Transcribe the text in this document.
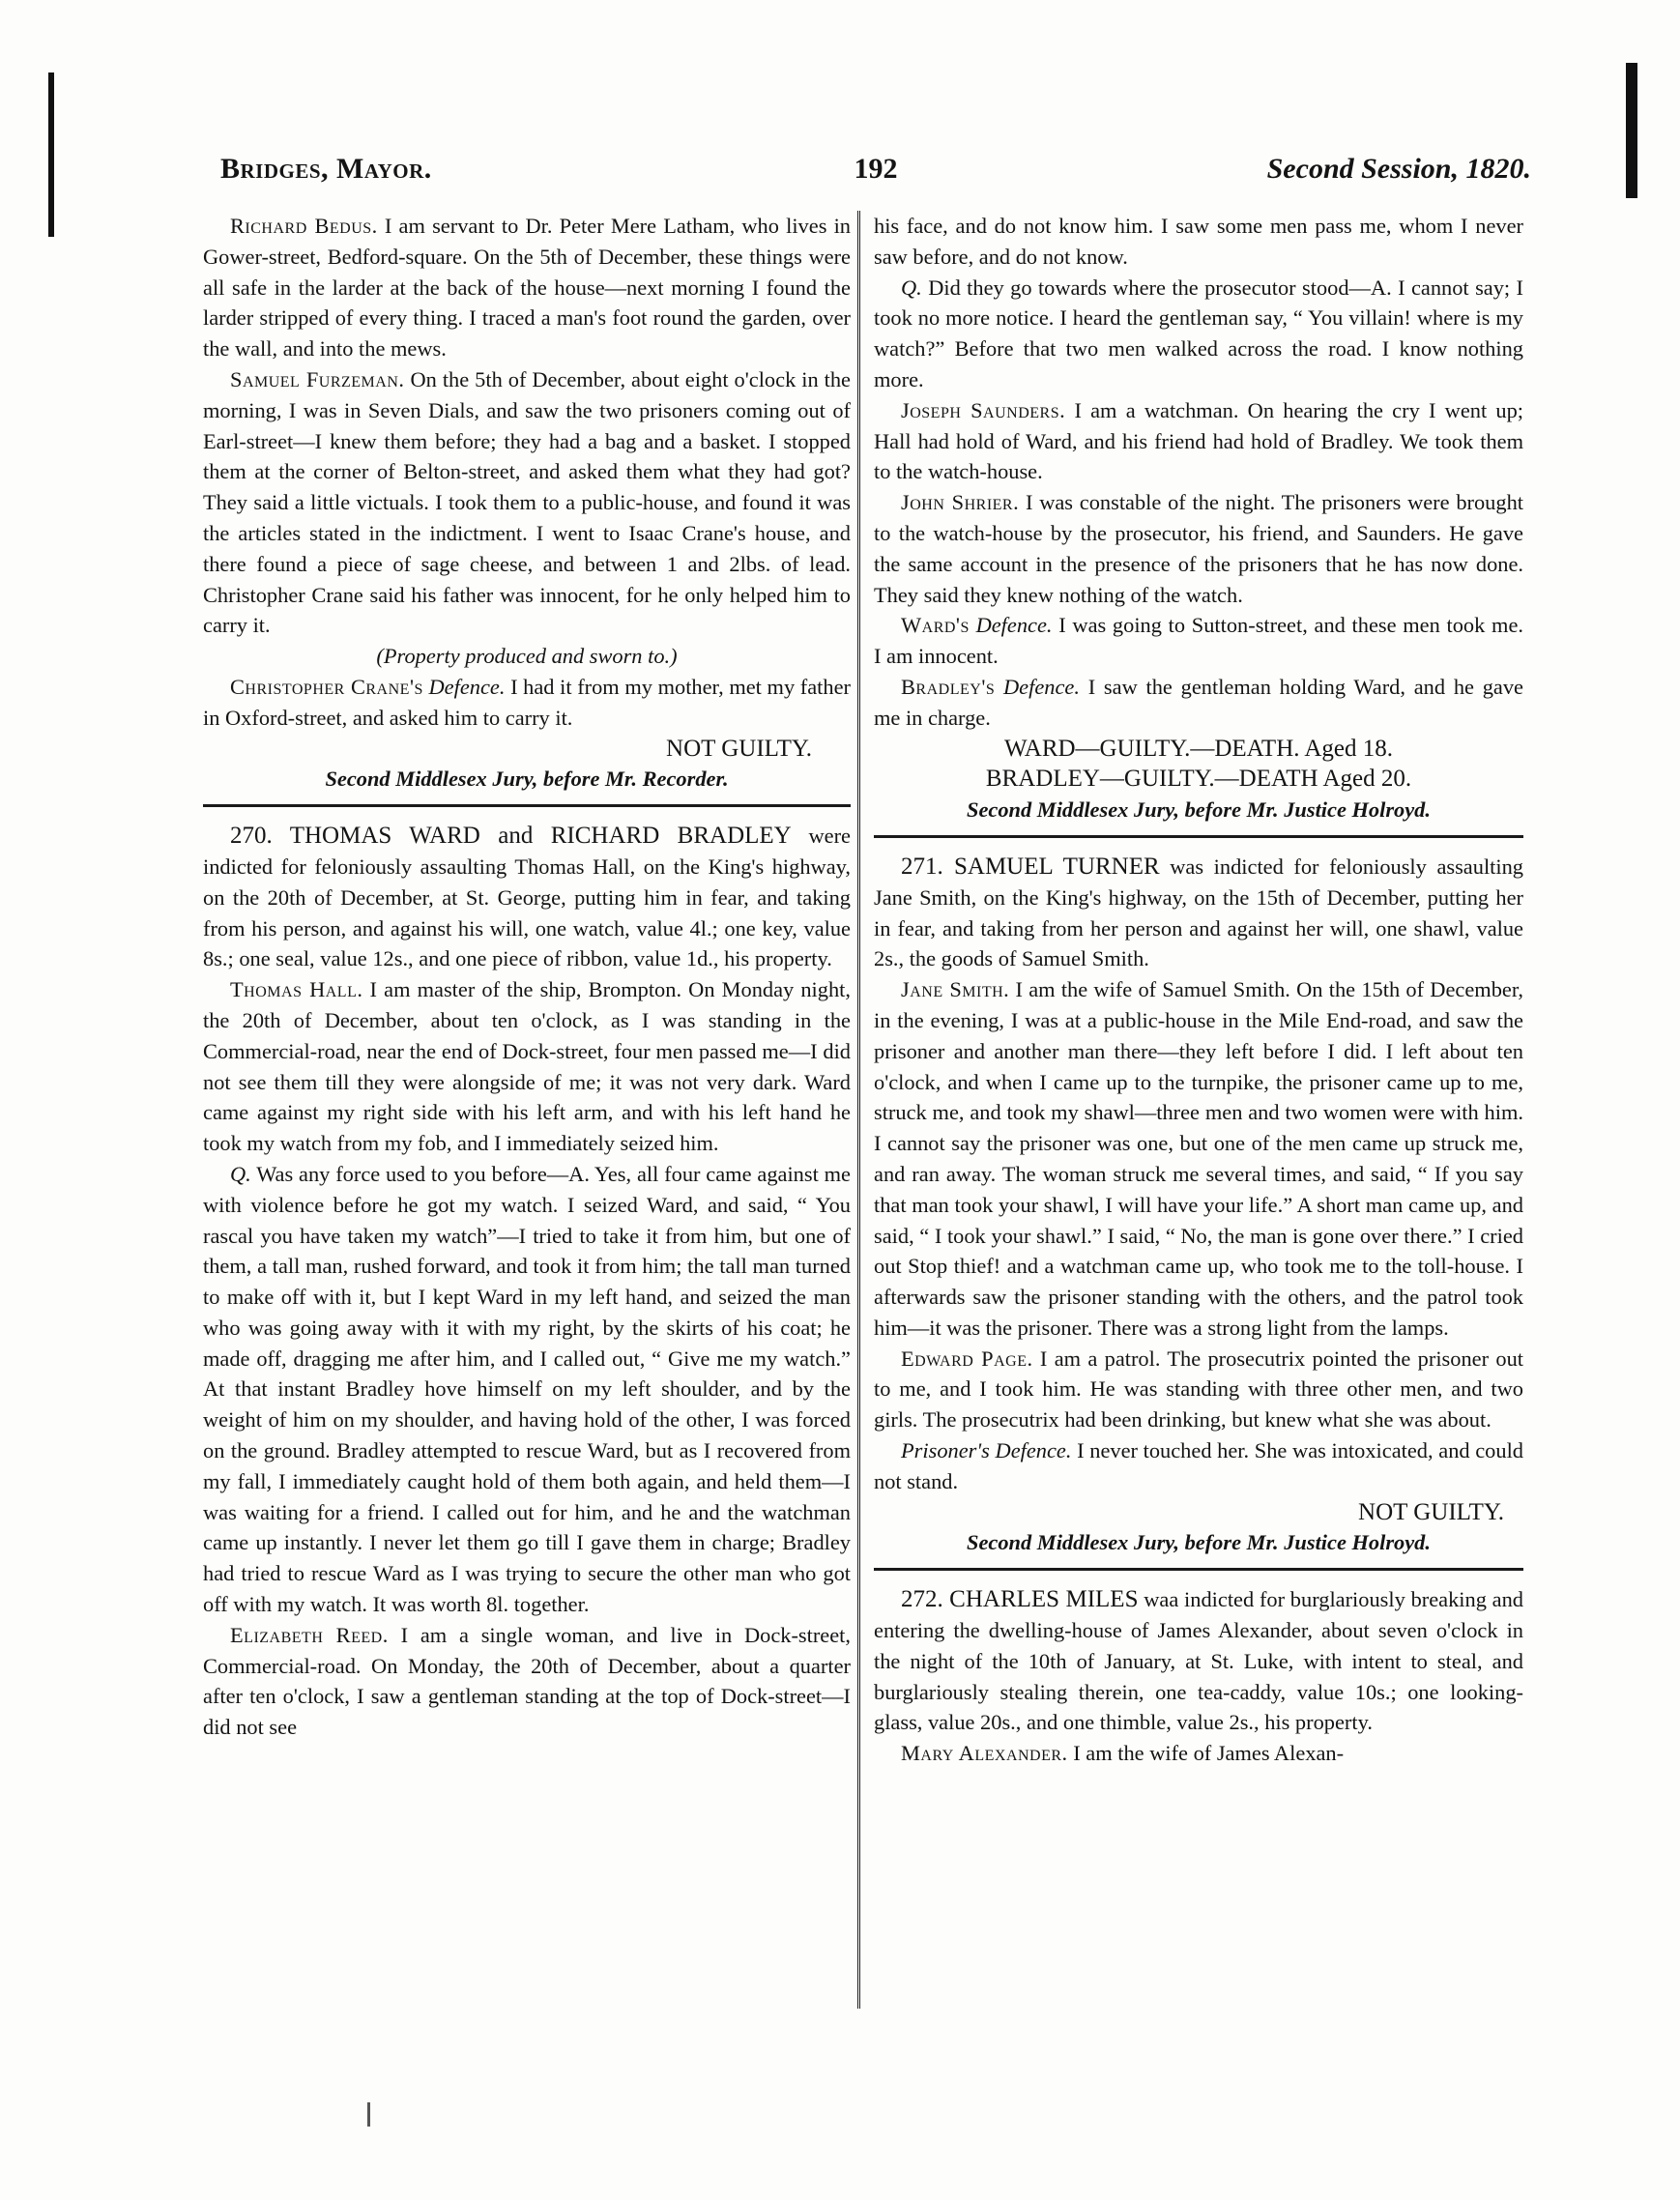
Bridges, Mayor.	192	Second Session, 1820.

Richard Bedus. I am servant to Dr. Peter Mere Latham, who lives in Gower-street, Bedford-square. On the 5th of December, these things were all safe in the larder at the back of the house—next morning I found the larder stripped of every thing. I traced a man's foot round the garden, over the wall, and into the mews.

Samuel Furzeman. On the 5th of December, about eight o'clock in the morning, I was in Seven Dials, and saw the two prisoners coming out of Earl-street—I knew them before; they had a bag and a basket. I stopped them at the corner of Belton-street, and asked them what they had got? They said a little victuals. I took them to a public-house, and found it was the articles stated in the indictment. I went to Isaac Crane's house, and there found a piece of sage cheese, and between 1 and 2lbs. of lead. Christopher Crane said his father was innocent, for he only helped him to carry it.

(Property produced and sworn to.)

Christopher Crane's Defence. I had it from my mother, met my father in Oxford-street, and asked him to carry it.

NOT GUILTY.

Second Middlesex Jury, before Mr. Recorder.

270. THOMAS WARD and RICHARD BRADLEY were indicted for feloniously assaulting Thomas Hall, on the King's highway, on the 20th of December, at St. George, putting him in fear, and taking from his person, and against his will, one watch, value 4l.; one key, value 8s.; one seal, value 12s., and one piece of ribbon, value 1d., his property.

Thomas Hall. I am master of the ship, Brompton. On Monday night, the 20th of December, about ten o'clock, as I was standing in the Commercial-road, near the end of Dock-street, four men passed me—I did not see them till they were alongside of me; it was not very dark. Ward came against my right side with his left arm, and with his left hand he took my watch from my fob, and I immediately seized him.

Q. Was any force used to you before—A. Yes, all four came against me with violence before he got my watch. I seized Ward, and said, “ You rascal you have taken my watch”—I tried to take it from him, but one of them, a tall man, rushed forward, and took it from him; the tall man turned to make off with it, but I kept Ward in my left hand, and seized the man who was going away with it with my right, by the skirts of his coat; he made off, dragging me after him, and I called out, “ Give me my watch.” At that instant Bradley hove himself on my left shoulder, and by the weight of him on my shoulder, and having hold of the other, I was forced on the ground. Bradley attempted to rescue Ward, but as I recovered from my fall, I immediately caught hold of them both again, and held them—I was waiting for a friend. I called out for him, and he and the watchman came up instantly. I never let them go till I gave them in charge; Bradley had tried to rescue Ward as I was trying to secure the other man who got off with my watch. It was worth 8l. together.

Elizabeth Reed. I am a single woman, and live in Dock-street, Commercial-road. On Monday, the 20th of December, about a quarter after ten o'clock, I saw a gentleman standing at the top of Dock-street—I did not see

his face, and do not know him. I saw some men pass me, whom I never saw before, and do not know.

Q. Did they go towards where the prosecutor stood—A. I cannot say; I took no more notice. I heard the gentleman say, “ You villain! where is my watch?” Before that two men walked across the road. I know nothing more.

Joseph Saunders. I am a watchman. On hearing the cry I went up; Hall had hold of Ward, and his friend had hold of Bradley. We took them to the watch-house.

John Shrier. I was constable of the night. The prisoners were brought to the watch-house by the prosecutor, his friend, and Saunders. He gave the same account in the presence of the prisoners that he has now done. They said they knew nothing of the watch.

Ward's Defence. I was going to Sutton-street, and these men took me. I am innocent.

Bradley's Defence. I saw the gentleman holding Ward, and he gave me in charge.

WARD—GUILTY.—DEATH. Aged 18.

BRADLEY—GUILTY.—DEATH Aged 20.

Second Middlesex Jury, before Mr. Justice Holroyd.

271. SAMUEL TURNER was indicted for feloniously assaulting Jane Smith, on the King's highway, on the 15th of December, putting her in fear, and taking from her person and against her will, one shawl, value 2s., the goods of Samuel Smith.

Jane Smith. I am the wife of Samuel Smith. On the 15th of December, in the evening, I was at a public-house in the Mile End-road, and saw the prisoner and another man there—they left before I did. I left about ten o'clock, and when I came up to the turnpike, the prisoner came up to me, struck me, and took my shawl—three men and two women were with him. I cannot say the prisoner was one, but one of the men came up struck me, and ran away. The woman struck me several times, and said, “ If you say that man took your shawl, I will have your life.” A short man came up, and said, “ I took your shawl.” I said, “ No, the man is gone over there.” I cried out Stop thief! and a watchman came up, who took me to the toll-house. I afterwards saw the prisoner standing with the others, and the patrol took him—it was the prisoner. There was a strong light from the lamps.

Edward Page. I am a patrol. The prosecutrix pointed the prisoner out to me, and I took him. He was standing with three other men, and two girls. The prosecutrix had been drinking, but knew what she was about.

Prisoner's Defence. I never touched her. She was intoxicated, and could not stand.

NOT GUILTY.

Second Middlesex Jury, before Mr. Justice Holroyd.

272. CHARLES MILES waa indicted for burglariously breaking and entering the dwelling-house of James Alexander, about seven o'clock in the night of the 10th of January, at St. Luke, with intent to steal, and burglariously stealing therein, one tea-caddy, value 10s.; one looking-glass, value 20s., and one thimble, value 2s., his property.

Mary Alexander. I am the wife of James Alexan-
